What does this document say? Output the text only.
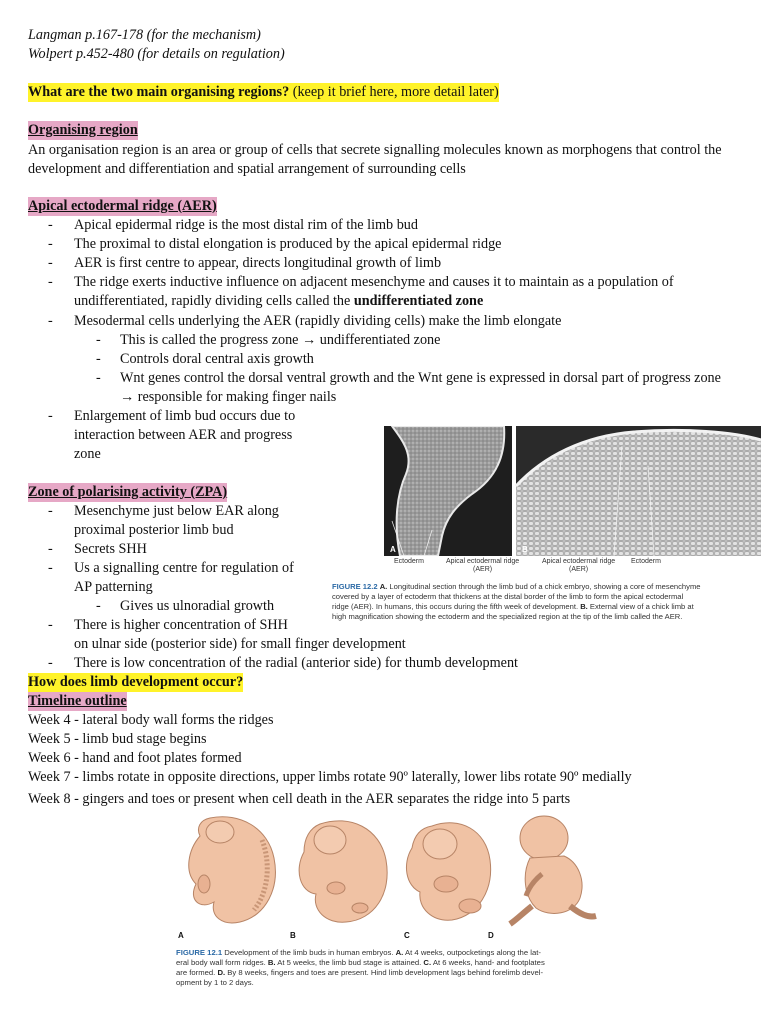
Langman p.167-178 (for the mechanism)
Wolpert p.452-480 (for details on regulation)
What are the two main organising regions? (keep it brief here, more detail later)
Organising region
An organisation region is an area or group of cells that secrete signalling molecules known as morphogens that control the
development and differentiation and spatial arrangement of surrounding cells
Apical ectodermal ridge (AER)
- Apical epidermal ridge is the most distal rim of the limb bud
- The proximal to distal elongation is produced by the apical epidermal ridge
- AER is first centre to appear, directs longitudinal growth of limb
- The ridge exerts inductive influence on adjacent mesenchyme and causes it to maintain as a population of
undifferentiated, rapidly dividing cells called the undifferentiated zone
- Mesodermal cells underlying the AER (rapidly dividing cells) make the limb elongate
- This is called the progress zone → undifferentiated zone
- Controls doral central axis growth
- Wnt genes control the dorsal ventral growth and the Wnt gene is expressed in dorsal part of progress zone
→ responsible for making finger nails
- Enlargement of limb bud occurs due to
interaction between AER and progress
zone
Zone of polarising activity (ZPA)
- Mesenchyme just below EAR along
proximal posterior limb bud
- Secrets SHH
- Us a signalling centre for regulation of
AP patterning
- Gives us ulnoradial growth
- There is higher concentration of SHH
on ulnar side (posterior side) for small finger development
- There is low concentration of the radial (anterior side) for thumb development
How does limb development occur?
Timeline outline
Week 4 - lateral body wall forms the ridges
Week 5 - limb bud stage begins
Week 6 - hand and foot plates formed
Week 7 - limbs rotate in opposite directions, upper limbs rotate 90º laterally, lower libs rotate 90º medially
Week 8 - gingers and toes or present when cell death in the AER separates the ridge into 5 parts
A	B
Ectoderm	Apical ectodermal ridge
(AER)
Apical ectodermal ridge
(AER)
Ectoderm
FIGURE 12.2 A. Longitudinal section through the limb bud of a chick embryo, showing a core of mesenchyme
covered by a layer of ectoderm that thickens at the distal border of the limb to form the apical ectodermal
ridge (AER). In humans, this occurs during the fifth week of development. B. External view of a chick limb at
high magnification showing the ectoderm and the specialized region at the tip of the limb called the AER.
A	B	C	D
FIGURE 12.1 Development of the limb buds in human embryos. A. At 4 weeks, outpocketings along the lat-
eral body wall form ridges. B. At 5 weeks, the limb bud stage is attained. C. At 6 weeks, hand- and footplates
are formed. D. By 8 weeks, fingers and toes are present. Hind limb development lags behind forelimb devel-
opment by 1 to 2 days.
